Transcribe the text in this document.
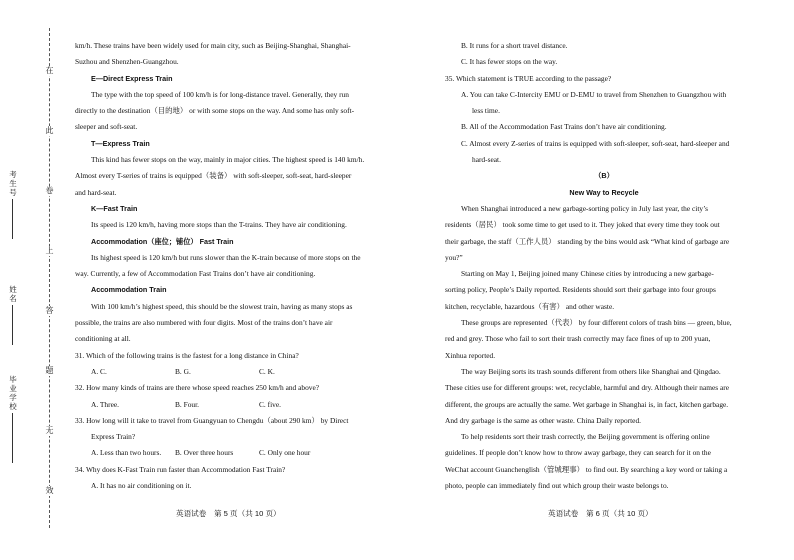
在
此
卷
上
答
题
无
效
考
生
号
姓
名
毕
业
学
校
km/h. These trains have been widely used for main city, such as Beijing-Shanghai, Shanghai-
Suzhou and Shenzhen-Guangzhou.
E—Direct Express Train
The type with the top speed of 100 km/h is for long-distance travel. Generally, they run
directly to the destination（目的地） or with some stops on the way. And some has only soft-
sleeper and soft-seat.
T—Express Train
This kind has fewer stops on the way, mainly in major cities. The highest speed is 140 km/h.
Almost every T-series of trains is equipped（装备） with soft-sleeper, soft-seat, hard-sleeper
and hard-seat.
K—Fast Train
Its speed is 120 km/h, having more stops than the T-trains. They have air conditioning.
Accommodation（座位；铺位） Fast Train
Its highest speed is 120 km/h but runs slower than the K-train because of more stops on the
way. Currently, a few of Accommodation Fast Trains don’t have air conditioning.
Accommodation Train
With 100 km/h’s highest speed, this should be the slowest train, having as many stops as
possible, the trains are also numbered with four digits. Most of the trains don’t have air
conditioning at all.
31. Which of the following trains is the fastest for a long distance in China?
A. C.	B. G.	C. K.
32. How many kinds of trains are there whose speed reaches 250 km/h and above?
A. Three.	B. Four.	C. five.
33. How long will it take to travel from Guangyuan to Chengdu（about 290 km） by Direct
Express Train?
A. Less than two hours.	B. Over three hours	C. Only one hour
34. Why does K-Fast Train run faster than Accommodation Fast Train?
A. It has no air conditioning on it.
B. It runs for a short travel distance.
C. It has fewer stops on the way.
35. Which statement is TRUE according to the passage?
A. You can take C-Intercity EMU or D-EMU to travel from Shenzhen to Guangzhou with
less time.
B. All of the Accommodation Fast Trains don’t have air conditioning.
C. Almost every Z-series of trains is equipped with soft-sleeper, soft-seat, hard-sleeper and
hard-seat.
（B）
New Way to Recycle
When Shanghai introduced a new garbage-sorting policy in July last year, the city’s
residents（居民） took some time to get used to it. They joked that every time they took out
their garbage, the staff（工作人员） standing by the bins would ask “What kind of garbage are
you?”
Starting on May 1, Beijing joined many Chinese cities by introducing a new garbage-
sorting policy, People’s Daily reported. Residents should sort their garbage into four groups
kitchen, recyclable, hazardous（有害） and other waste.
These groups are represented（代表） by four different colors of trash bins — green, blue,
red and grey. Those who fail to sort their trash correctly may face fines of up to 200 yuan,
Xinhua reported.
The way Beijing sorts its trash sounds different from others like Shanghai and Qingdao.
These cities use for different groups: wet, recyclable, harmful and dry. Although their names are
different, the groups are actually the same. Wet garbage in Shanghai is, in fact, kitchen garbage.
And dry garbage is the same as other waste. China Daily reported.
To help residents sort their trash correctly, the Beijing government is offering online
guidelines. If people don’t know how to throw away garbage, they can search for it on the
WeChat account Guanchenglish（管城理事） to find out. By searching a key word or taking a
photo, people can immediately find out which group their waste belongs to.
英语试卷　第 5 页（共 10 页）	英语试卷　第 6 页（共 10 页）
